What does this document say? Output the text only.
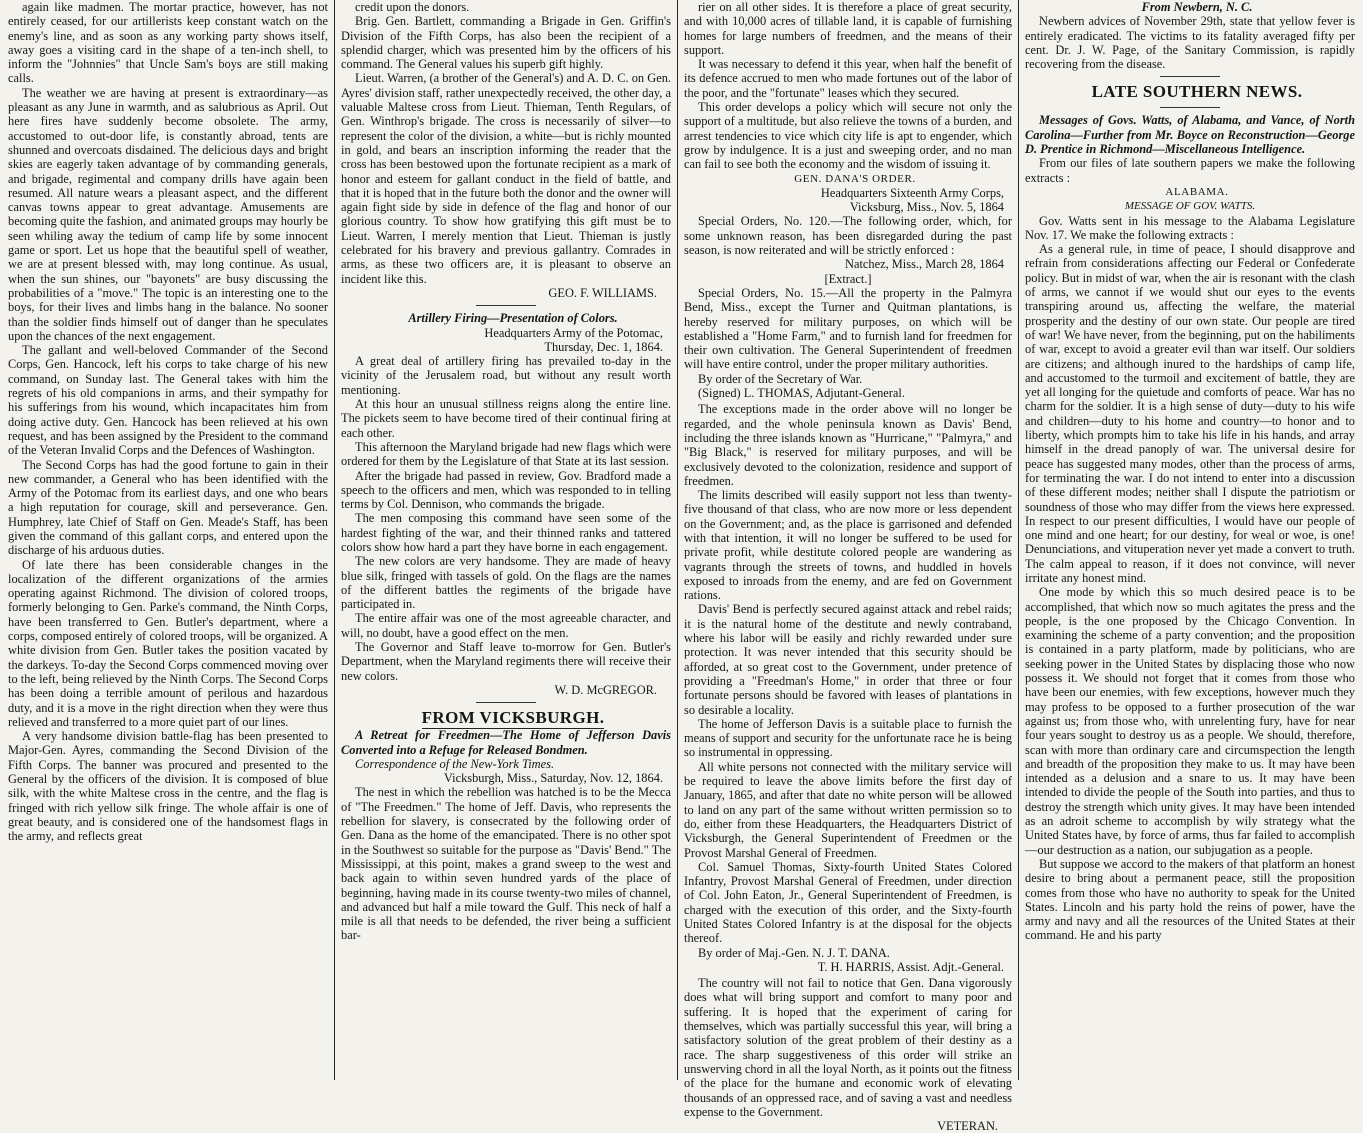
again like madmen. The mortar practice, however, has not entirely ceased, for our artillerists keep constant watch on the enemy's line, and as soon as any working party shows itself, away goes a visiting card in the shape of a ten-inch shell, to inform the "Johnnies" that Uncle Sam's boys are still making calls.

The weather we are having at present is extraordinary—as pleasant as any June in warmth, and as salubrious as April. Out here fires have suddenly become obsolete. The army, accustomed to out-door life, is constantly abroad, tents are shunned and overcoats disdained. The delicious days and bright skies are eagerly taken advantage of by commanding generals, and brigade, regimental and company drills have again been resumed. All nature wears a pleasant aspect, and the different canvas towns appear to great advantage. Amusements are becoming quite the fashion, and animated groups may hourly be seen whiling away the tedium of camp life by some innocent game or sport. Let us hope that the beautiful spell of weather, we are at present blessed with, may long continue. As usual, when the sun shines, our "bayonets" are busy discussing the probabilities of a "move." The topic is an interesting one to the boys, for their lives and limbs hang in the balance. No sooner than the soldier finds himself out of danger than he speculates upon the chances of the next engagement.

The gallant and well-beloved Commander of the Second Corps, Gen. Hancock, left his corps to take charge of his new command, on Sunday last. The General takes with him the regrets of his old companions in arms, and their sympathy for his sufferings from his wound, which incapacitates him from doing active duty. Gen. Hancock has been relieved at his own request, and has been assigned by the President to the command of the Veteran Invalid Corps and the Defences of Washington.

The Second Corps has had the good fortune to gain in their new commander, a General who has been identified with the Army of the Potomac from its earliest days, and one who bears a high reputation for courage, skill and perseverance. Gen. Humphrey, late Chief of Staff on Gen. Meade's Staff, has been given the command of this gallant corps, and entered upon the discharge of his arduous duties.

Of late there has been considerable changes in the localization of the different organizations of the armies operating against Richmond. The division of colored troops, formerly belonging to Gen. Parke's command, the Ninth Corps, have been transferred to Gen. Butler's department, where a corps, composed entirely of colored troops, will be organized. A white division from Gen. Butler takes the position vacated by the darkeys. To-day the Second Corps commenced moving over to the left, being relieved by the Ninth Corps. The Second Corps has been doing a terrible amount of perilous and hazardous duty, and it is a move in the right direction when they were thus relieved and transferred to a more quiet part of our lines.

A very handsome division battle-flag has been presented to Major-Gen. Ayres, commanding the Second Division of the Fifth Corps. The banner was procured and presented to the General by the officers of the division. It is composed of blue silk, with the white Maltese cross in the centre, and the flag is fringed with rich yellow silk fringe. The whole affair is one of great beauty, and is considered one of the handsomest flags in the army, and reflects great

credit upon the donors.

Brig. Gen. Bartlett, commanding a Brigade in Gen. Griffin's Division of the Fifth Corps, has also been the recipient of a splendid charger, which was presented him by the officers of his command. The General values his superb gift highly.

Lieut. Warren, (a brother of the General's) and A. D. C. on Gen. Ayres' division staff, rather unexpectedly received, the other day, a valuable Maltese cross from Lieut. Thieman, Tenth Regulars, of Gen. Winthrop's brigade. The cross is necessarily of silver—to represent the color of the division, a white—but is richly mounted in gold, and bears an inscription informing the reader that the cross has been bestowed upon the fortunate recipient as a mark of honor and esteem for gallant conduct in the field of battle, and that it is hoped that in the future both the donor and the owner will again fight side by side in defence of the flag and honor of our glorious country. To show how gratifying this gift must be to Lieut. Warren, I merely mention that Lieut. Thieman is justly celebrated for his bravery and previous gallantry. Comrades in arms, as these two officers are, it is pleasant to observe an incident like this.

GEO. F. WILLIAMS.

Artillery Firing—Presentation of Colors.

Headquarters Army of the Potomac,

Thursday, Dec. 1, 1864.

A great deal of artillery firing has prevailed to-day in the vicinity of the Jerusalem road, but without any result worth mentioning.

At this hour an unusual stillness reigns along the entire line. The pickets seem to have become tired of their continual firing at each other.

This afternoon the Maryland brigade had new flags which were ordered for them by the Legislature of that State at its last session.

After the brigade had passed in review, Gov. Bradford made a speech to the officers and men, which was responded to in telling terms by Col. Dennison, who commands the brigade.

The men composing this command have seen some of the hardest fighting of the war, and their thinned ranks and tattered colors show how hard a part they have borne in each engagement.

The new colors are very handsome. They are made of heavy blue silk, fringed with tassels of gold. On the flags are the names of the different battles the regiments of the brigade have participated in.

The entire affair was one of the most agreeable character, and will, no doubt, have a good effect on the men.

The Governor and Staff leave to-morrow for Gen. Butler's Department, when the Maryland regiments there will receive their new colors.

W. D. McGREGOR.

FROM VICKSBURGH.

A Retreat for Freedmen—The Home of Jefferson Davis Converted into a Refuge for Released Bondmen.

Correspondence of the New-York Times.

Vicksburgh, Miss., Saturday, Nov. 12, 1864.

The nest in which the rebellion was hatched is to be the Mecca of "The Freedmen." The home of Jeff. Davis, who represents the rebellion for slavery, is consecrated by the following order of Gen. Dana as the home of the emancipated. There is no other spot in the Southwest so suitable for the purpose as "Davis' Bend." The Mississippi, at this point, makes a grand sweep to the west and back again to within seven hundred yards of the place of beginning, having made in its course twenty-two miles of channel, and advanced but half a mile toward the Gulf. This neck of half a mile is all that needs to be defended, the river being a sufficient bar-

rier on all other sides. It is therefore a place of great security, and with 10,000 acres of tillable land, it is capable of furnishing homes for large numbers of freedmen, and the means of their support.

It was necessary to defend it this year, when half the benefit of its defence accrued to men who made fortunes out of the labor of the poor, and the "fortunate" leases which they secured.

This order develops a policy which will secure not only the support of a multitude, but also relieve the towns of a burden, and arrest tendencies to vice which city life is apt to engender, which grow by indulgence. It is a just and sweeping order, and no man can fail to see both the economy and the wisdom of issuing it.

GEN. DANA'S ORDER.

Headquarters Sixteenth Army Corps,

Vicksburg, Miss., Nov. 5, 1864

Special Orders, No. 120.—The following order, which, for some unknown reason, has been disregarded during the past season, is now reiterated and will be strictly enforced :

Natchez, Miss., March 28, 1864

[Extract.]

Special Orders, No. 15.—All the property in the Palmyra Bend, Miss., except the Turner and Quitman plantations, is hereby reserved for military purposes, on which will be established a "Home Farm," and to furnish land for freedmen for their own cultivation. The General Superintendent of freedmen will have entire control, under the proper military authorities.

By order of the Secretary of War.

(Signed) L. THOMAS, Adjutant-General.

The exceptions made in the order above will no longer be regarded, and the whole peninsula known as Davis' Bend, including the three islands known as "Hurricane," "Palmyra," and "Big Black," is reserved for military purposes, and will be exclusively devoted to the colonization, residence and support of freedmen.

The limits described will easily support not less than twenty-five thousand of that class, who are now more or less dependent on the Government; and, as the place is garrisoned and defended with that intention, it will no longer be suffered to be used for private profit, while destitute colored people are wandering as vagrants through the streets of towns, and huddled in hovels exposed to inroads from the enemy, and are fed on Government rations.

Davis' Bend is perfectly secured against attack and rebel raids; it is the natural home of the destitute and newly contraband, where his labor will be easily and richly rewarded under sure protection. It was never intended that this security should be afforded, at so great cost to the Government, under pretence of providing a "Freedman's Home," in order that three or four fortunate persons should be favored with leases of plantations in so desirable a locality.

The home of Jefferson Davis is a suitable place to furnish the means of support and security for the unfortunate race he is being so instrumental in oppressing.

All white persons not connected with the military service will be required to leave the above limits before the first day of January, 1865, and after that date no white person will be allowed to land on any part of the same without written permission so to do, either from these Headquarters, the Headquarters District of Vicksburgh, the General Superintendent of Freedmen or the Provost Marshal General of Freedmen.

Col. Samuel Thomas, Sixty-fourth United States Colored Infantry, Provost Marshal General of Freedmen, under direction of Col. John Eaton, Jr., General Superintendent of Freedmen, is charged with the execution of this order, and the Sixty-fourth United States Colored Infantry is at the disposal for the objects thereof.

By order of Maj.-Gen. N. J. T. DANA.

T. H. HARRIS, Assist. Adjt.-General.

The country will not fail to notice that Gen. Dana vigorously does what will bring support and comfort to many poor and suffering. It is hoped that the experiment of caring for themselves, which was partially successful this year, will bring a satisfactory solution of the great problem of their destiny as a race. The sharp suggestiveness of this order will strike an unswerving chord in all the loyal North, as it points out the fitness of the place for the humane and economic work of elevating thousands of an oppressed race, and of saving a vast and needless expense to the Government.

VETERAN.

From Newbern, N. C.

Newbern advices of November 29th, state that yellow fever is entirely eradicated. The victims to its fatality averaged fifty per cent. Dr. J. W. Page, of the Sanitary Commission, is rapidly recovering from the disease.

LATE SOUTHERN NEWS.

Messages of Govs. Watts, of Alabama, and Vance, of North Carolina—Further from Mr. Boyce on Reconstruction—George D. Prentice in Richmond—Miscellaneous Intelligence.

From our files of late southern papers we make the following extracts :

ALABAMA.

MESSAGE OF GOV. WATTS.

Gov. Watts sent in his message to the Alabama Legislature Nov. 17. We make the following extracts :

As a general rule, in time of peace, I should disapprove and refrain from considerations affecting our Federal or Confederate policy. But in midst of war, when the air is resonant with the clash of arms, we cannot if we would shut our eyes to the events transpiring around us, affecting the welfare, the material prosperity and the destiny of our own state. Our people are tired of war! We have never, from the beginning, put on the habiliments of war, except to avoid a greater evil than war itself. Our soldiers are citizens; and although inured to the hardships of camp life, and accustomed to the turmoil and excitement of battle, they are yet all longing for the quietude and comforts of peace. War has no charm for the soldier. It is a high sense of duty—duty to his wife and children—duty to his home and country—to honor and to liberty, which prompts him to take his life in his hands, and array himself in the dread panoply of war. The universal desire for peace has suggested many modes, other than the process of arms, for terminating the war. I do not intend to enter into a discussion of these different modes; neither shall I dispute the patriotism or soundness of those who may differ from the views here expressed. In respect to our present difficulties, I would have our people of one mind and one heart; for our destiny, for weal or woe, is one! Denunciations, and vituperation never yet made a convert to truth. The calm appeal to reason, if it does not convince, will never irritate any honest mind.

One mode by which this so much desired peace is to be accomplished, that which now so much agitates the press and the people, is the one proposed by the Chicago Convention. In examining the scheme of a party convention; and the proposition is contained in a party platform, made by politicians, who are seeking power in the United States by displacing those who now possess it. We should not forget that it comes from those who have been our enemies, with few exceptions, however much they may profess to be opposed to a further prosecution of the war against us; from those who, with unrelenting fury, have for near four years sought to destroy us as a people. We should, therefore, scan with more than ordinary care and circumspection the length and breadth of the proposition they make to us. It may have been intended as a delusion and a snare to us. It may have been intended to divide the people of the South into parties, and thus to destroy the strength which unity gives. It may have been intended as an adroit scheme to accomplish by wily strategy what the United States have, by force of arms, thus far failed to accomplish—our destruction as a nation, our subjugation as a people.

But suppose we accord to the makers of that platform an honest desire to bring about a permanent peace, still the proposition comes from those who have no authority to speak for the United States. Lincoln and his party hold the reins of power, have the army and navy and all the resources of the United States at their command. He and his party
